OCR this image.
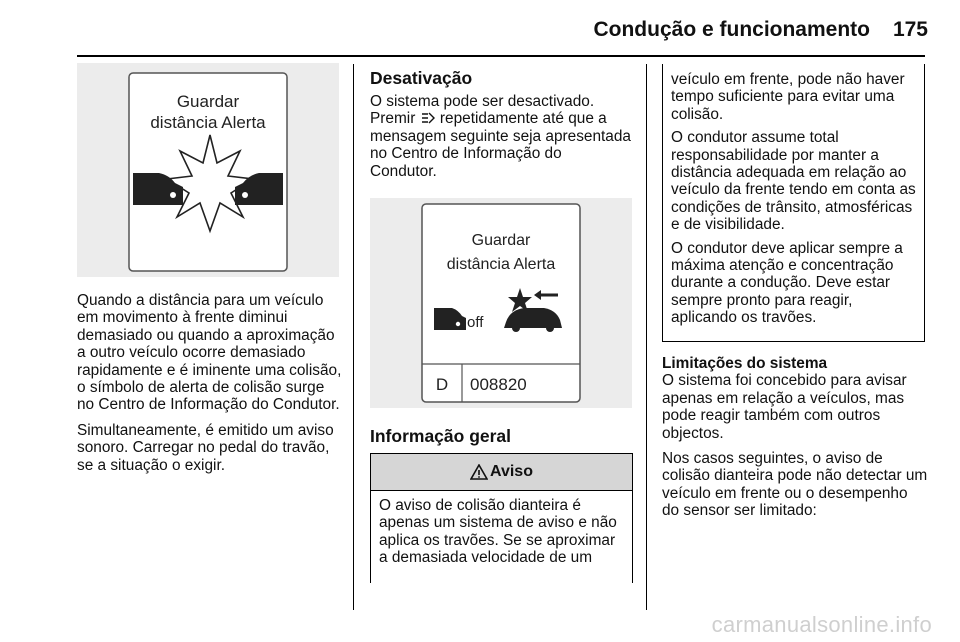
Condução e funcionamento	175
Guardar
distância Alerta

Quando a distância para um veículo em movimento à frente diminui demasiado ou quando a aproximação a outro veículo ocorre demasiado rapidamente e é iminente uma colisão, o símbolo de alerta de colisão surge no Centro de Informação do Condutor.

Simultaneamente, é emitido um aviso sonoro. Carregar no pedal do travão, se a situação o exigir.

Desativação

O sistema pode ser desactivado. Premir repetidamente até que a mensagem seguinte seja apresentada no Centro de Informação do Condutor.

Guardar
distância Alerta
off
D 008820
Informação geral
Aviso
O aviso de colisão dianteira é apenas um sistema de aviso e não aplica os travões. Se se aproximar a demasiada velocidade de um

veículo em frente, pode não haver tempo suficiente para evitar uma colisão.

O condutor assume total responsabilidade por manter a distância adequada em relação ao veículo da frente tendo em conta as condições de trânsito, atmosféricas e de visibilidade.

O condutor deve aplicar sempre a máxima atenção e concentração durante a condução. Deve estar sempre pronto para reagir, aplicando os travões.

Limitações do sistema

O sistema foi concebido para avisar apenas em relação a veículos, mas pode reagir também com outros objectos.

Nos casos seguintes, o aviso de colisão dianteira pode não detectar um veículo em frente ou o desempenho do sensor ser limitado:

carmanualsonline.info
